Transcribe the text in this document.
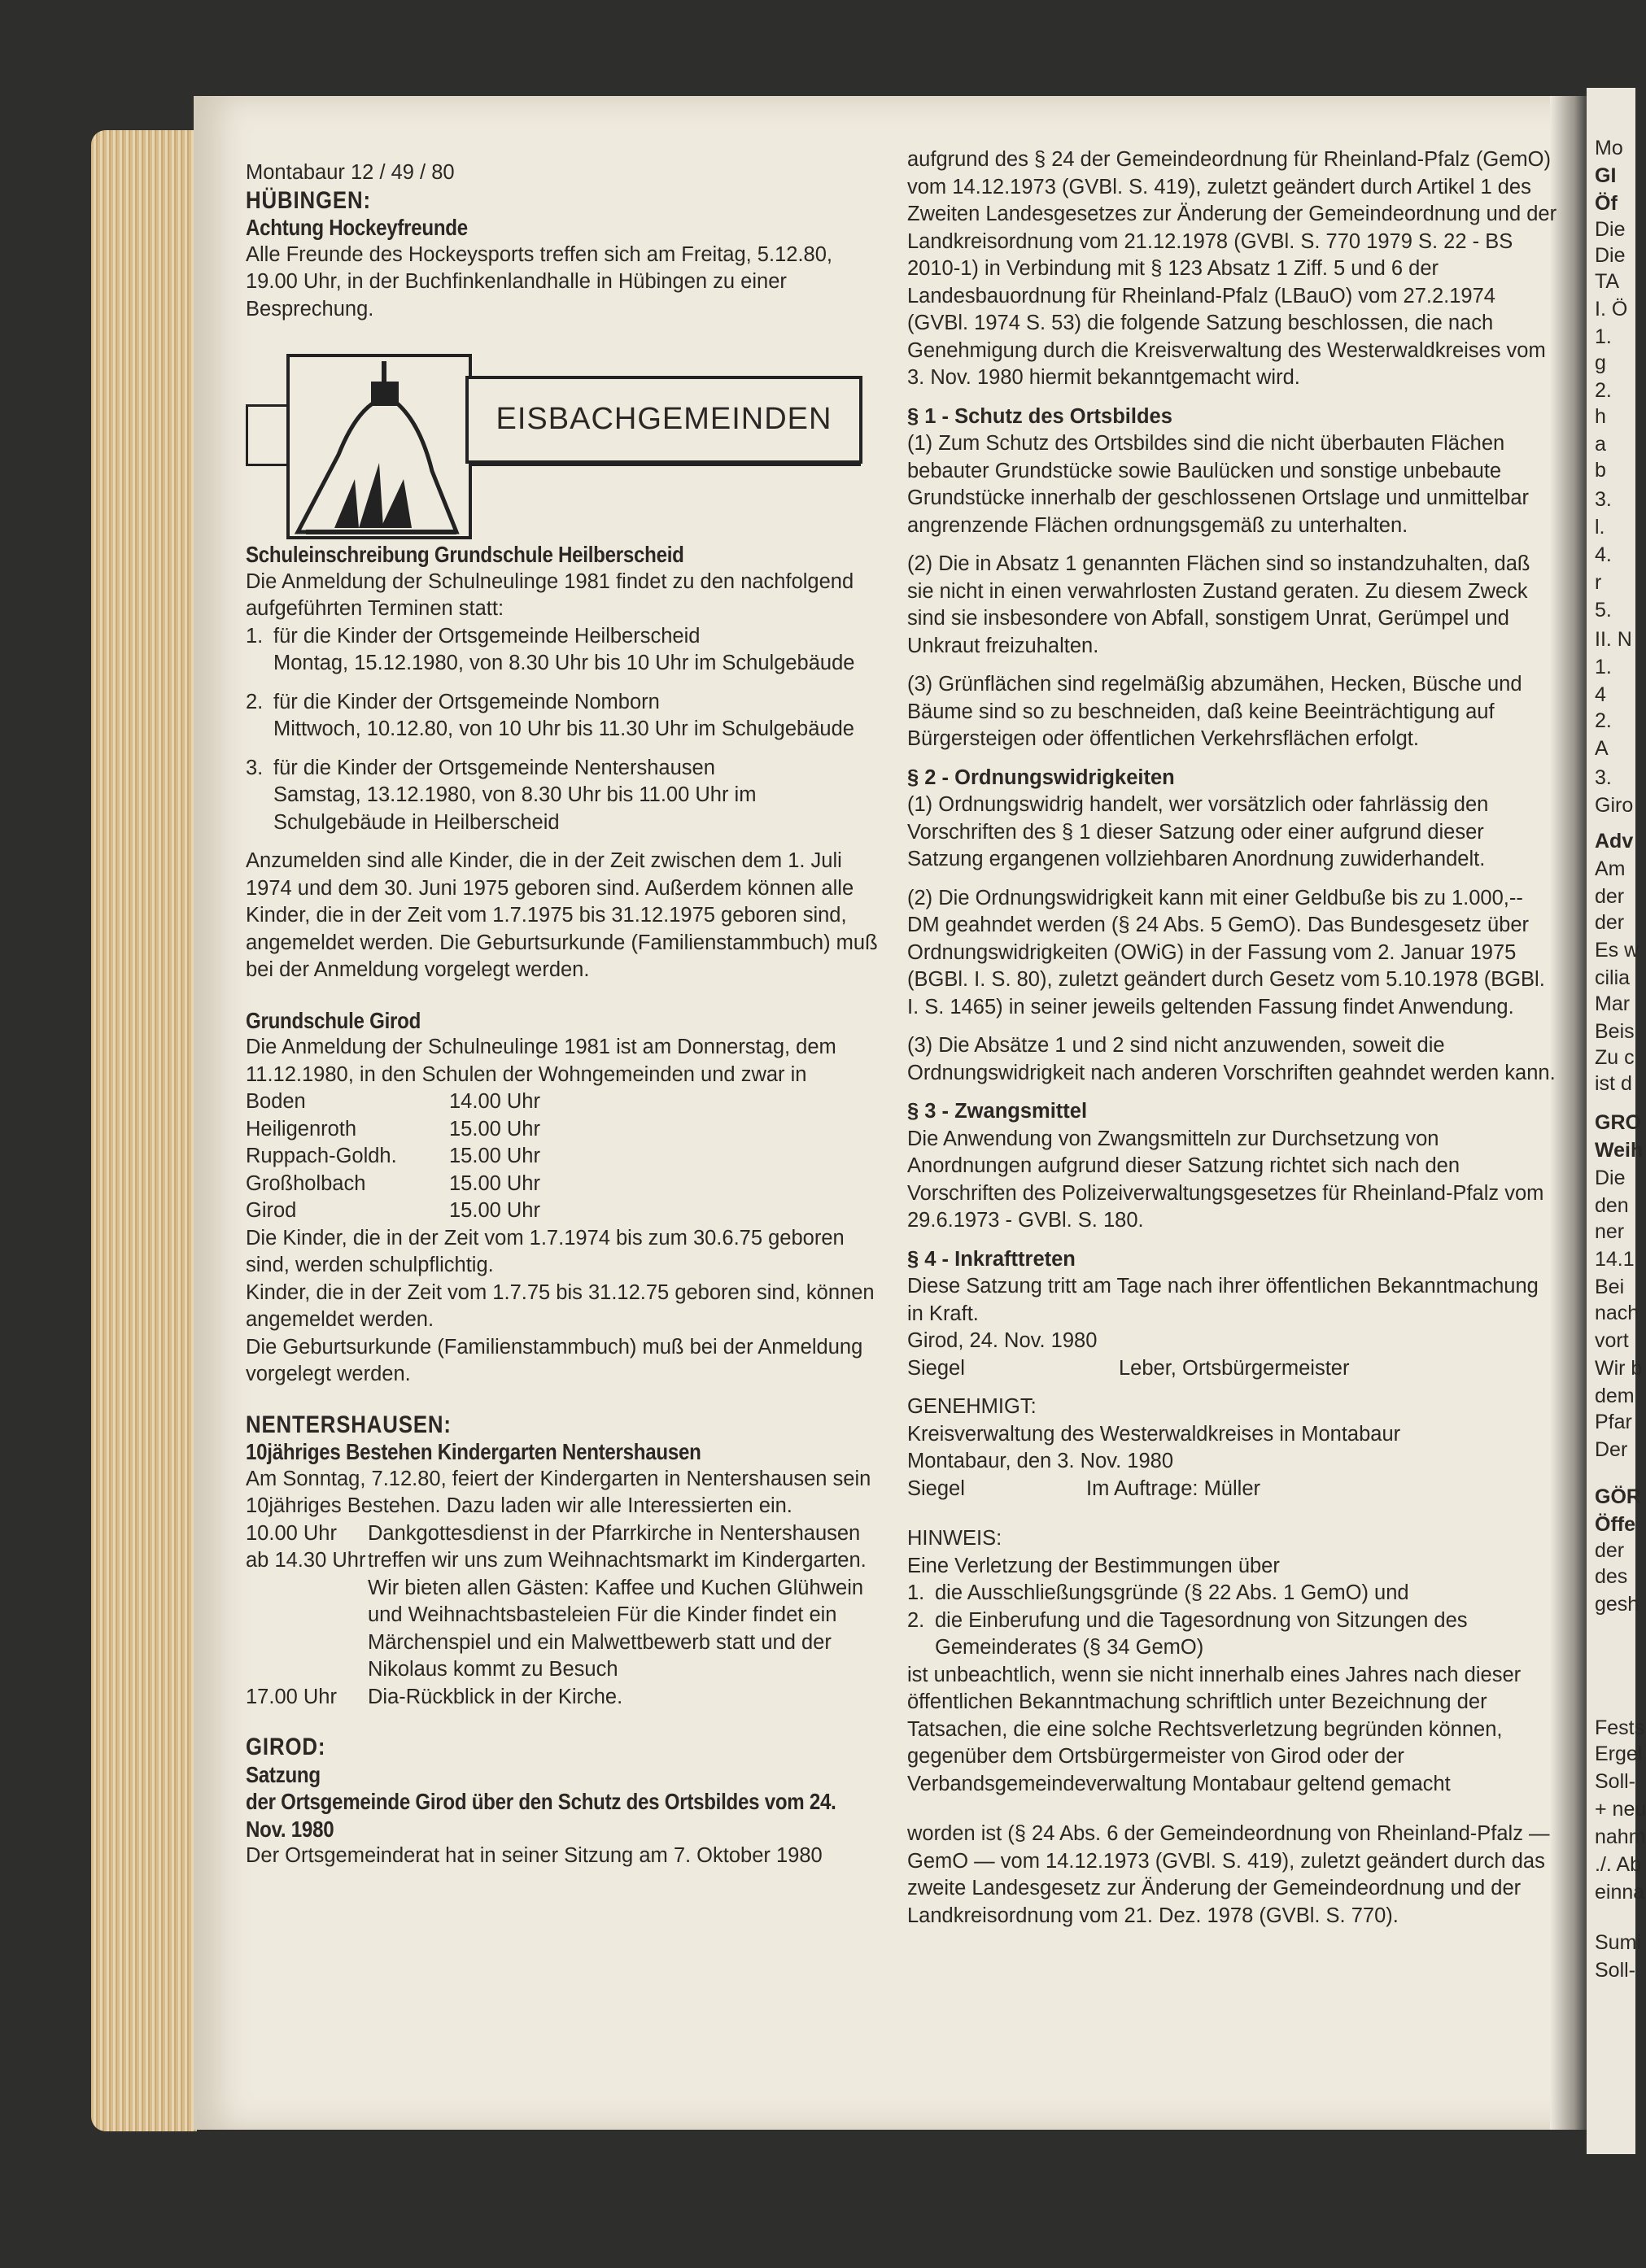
Mo
GI
Öf
Die
Die
TA
I. Ö
1.
g
2.
h
a
b
3.
l.
4.
r
5.
II. N
1.
4
2.
A
3.
Giro
Adv
Am
der
der
Es w
cilia
Mar
Beis
Zu c
ist d
GRO
Weih
Die
den
ner
14.1
Bei
nach
vort
Wir b
dem
Pfar
Der
GÖR
Öffe
der
des
gesh
Fests
Ergel
Soll-
+ neu
nahm
./. Ab
einna
Sumi
Soll-

Montabaur 12 / 49 / 80

HÜBINGEN:

Achtung Hockeyfreunde

Alle Freunde des Hockeysports treffen sich am Freitag, 5.12.80, 19.00 Uhr, in der Buchfinkenlandhalle in Hübingen zu einer Besprechung.

EISBACHGEMEINDEN

Schuleinschreibung Grundschule Heilberscheid

Die Anmeldung der Schulneulinge 1981 findet zu den nachfolgend aufgeführten Terminen statt:

1. für die Kinder der Ortsgemeinde Heilberscheid
Montag, 15.12.1980, von 8.30 Uhr bis 10 Uhr im Schulgebäude
2. für die Kinder der Ortsgemeinde Nomborn
Mittwoch, 10.12.80, von 10 Uhr bis 11.30 Uhr im Schulgebäude
3. für die Kinder der Ortsgemeinde Nentershausen
Samstag, 13.12.1980, von 8.30 Uhr bis 11.00 Uhr im Schulgebäude in Heilberscheid

Anzumelden sind alle Kinder, die in der Zeit zwischen dem 1. Juli 1974 und dem 30. Juni 1975 geboren sind. Außerdem können alle Kinder, die in der Zeit vom 1.7.1975 bis 31.12.1975 geboren sind, angemeldet werden. Die Geburtsurkunde (Familienstammbuch) muß bei der Anmeldung vorgelegt werden.

Grundschule Girod

Die Anmeldung der Schulneulinge 1981 ist am Donnerstag, dem 11.12.1980, in den Schulen der Wohngemeinden und zwar in

Boden	14.00 Uhr
Heiligenroth	15.00 Uhr
Ruppach-Goldh.	15.00 Uhr
Großholbach	15.00 Uhr
Girod	15.00 Uhr

Die Kinder, die in der Zeit vom 1.7.1974 bis zum 30.6.75 geboren sind, werden schulpflichtig.

Kinder, die in der Zeit vom 1.7.75 bis 31.12.75 geboren sind, können angemeldet werden.

Die Geburtsurkunde (Familienstammbuch) muß bei der Anmeldung vorgelegt werden.

NENTERSHAUSEN:

10jähriges Bestehen Kindergarten Nentershausen

Am Sonntag, 7.12.80, feiert der Kindergarten in Nentershausen sein 10jähriges Bestehen. Dazu laden wir alle Interessierten ein.

10.00 Uhr	Dankgottesdienst in der Pfarrkirche in Nentershausen
ab 14.30 Uhr treffen wir uns zum Weihnachtsmarkt im Kindergarten. Wir bieten allen Gästen: Kaffee und Kuchen Glühwein und Weihnachtsbasteleien Für die Kinder findet ein Märchenspiel und ein Malwettbewerb statt und der Nikolaus kommt zu Besuch
17.00 Uhr	Dia-Rückblick in der Kirche.

GIROD:

Satzung

der Ortsgemeinde Girod über den Schutz des Ortsbildes vom 24. Nov. 1980

Der Ortsgemeinderat hat in seiner Sitzung am 7. Oktober 1980

aufgrund des § 24 der Gemeindeordnung für Rheinland-Pfalz (GemO) vom 14.12.1973 (GVBl. S. 419), zuletzt geändert durch Artikel 1 des Zweiten Landesgesetzes zur Änderung der Gemeindeordnung und der Landkreisordnung vom 21.12.1978 (GVBl. S. 770 1979 S. 22 - BS 2010-1) in Verbindung mit § 123 Absatz 1 Ziff. 5 und 6 der Landesbauordnung für Rheinland-Pfalz (LBauO) vom 27.2.1974 (GVBl. 1974 S. 53) die folgende Satzung beschlossen, die nach Genehmigung durch die Kreisverwaltung des Westerwaldkreises vom 3. Nov. 1980 hiermit bekanntgemacht wird.

§ 1 - Schutz des Ortsbildes

(1) Zum Schutz des Ortsbildes sind die nicht überbauten Flächen bebauter Grundstücke sowie Baulücken und sonstige unbebaute Grundstücke innerhalb der geschlossenen Ortslage und unmittelbar angrenzende Flächen ordnungsgemäß zu unterhalten.

(2) Die in Absatz 1 genannten Flächen sind so instandzuhalten, daß sie nicht in einen verwahrlosten Zustand geraten. Zu diesem Zweck sind sie insbesondere von Abfall, sonstigem Unrat, Gerümpel und Unkraut freizuhalten.

(3) Grünflächen sind regelmäßig abzumähen, Hecken, Büsche und Bäume sind so zu beschneiden, daß keine Beeinträchtigung auf Bürgersteigen oder öffentlichen Verkehrsflächen erfolgt.

§ 2 - Ordnungswidrigkeiten

(1) Ordnungswidrig handelt, wer vorsätzlich oder fahrlässig den Vorschriften des § 1 dieser Satzung oder einer aufgrund dieser Satzung ergangenen vollziehbaren Anordnung zuwiderhandelt.

(2) Die Ordnungswidrigkeit kann mit einer Geldbuße bis zu 1.000,-- DM geahndet werden (§ 24 Abs. 5 GemO). Das Bundesgesetz über Ordnungswidrigkeiten (OWiG) in der Fassung vom 2. Januar 1975 (BGBl. I. S. 80), zuletzt geändert durch Gesetz vom 5.10.1978 (BGBl. I. S. 1465) in seiner jeweils geltenden Fassung findet Anwendung.

(3) Die Absätze 1 und 2 sind nicht anzuwenden, soweit die Ordnungswidrigkeit nach anderen Vorschriften geahndet werden kann.

§ 3 - Zwangsmittel

Die Anwendung von Zwangsmitteln zur Durchsetzung von Anordnungen aufgrund dieser Satzung richtet sich nach den Vorschriften des Polizeiverwaltungsgesetzes für Rheinland-Pfalz vom 29.6.1973 - GVBl. S. 180.

§ 4 - Inkrafttreten

Diese Satzung tritt am Tage nach ihrer öffentlichen Bekanntmachung in Kraft.

Girod, 24. Nov. 1980

Siegel	Leber, Ortsbürgermeister

GENEHMIGT:

Kreisverwaltung des Westerwaldkreises in Montabaur

Montabaur, den 3. Nov. 1980

Siegel	Im Auftrage: Müller

HINWEIS:

Eine Verletzung der Bestimmungen über

1. die Ausschließungsgründe (§ 22 Abs. 1 GemO) und
2. die Einberufung und die Tagesordnung von Sitzungen des Gemeinderates (§ 34 GemO)

ist unbeachtlich, wenn sie nicht innerhalb eines Jahres nach dieser öffentlichen Bekanntmachung schriftlich unter Bezeichnung der Tatsachen, die eine solche Rechtsverletzung begründen können, gegenüber dem Ortsbürgermeister von Girod oder der Verbandsgemeindeverwaltung Montabaur geltend gemacht

worden ist (§ 24 Abs. 6 der Gemeindeordnung von Rheinland-Pfalz — GemO — vom 14.12.1973 (GVBl. S. 419), zuletzt geändert durch das zweite Landesgesetz zur Änderung der Gemeindeordnung und der Landkreisordnung vom 21. Dez. 1978 (GVBl. S. 770).
